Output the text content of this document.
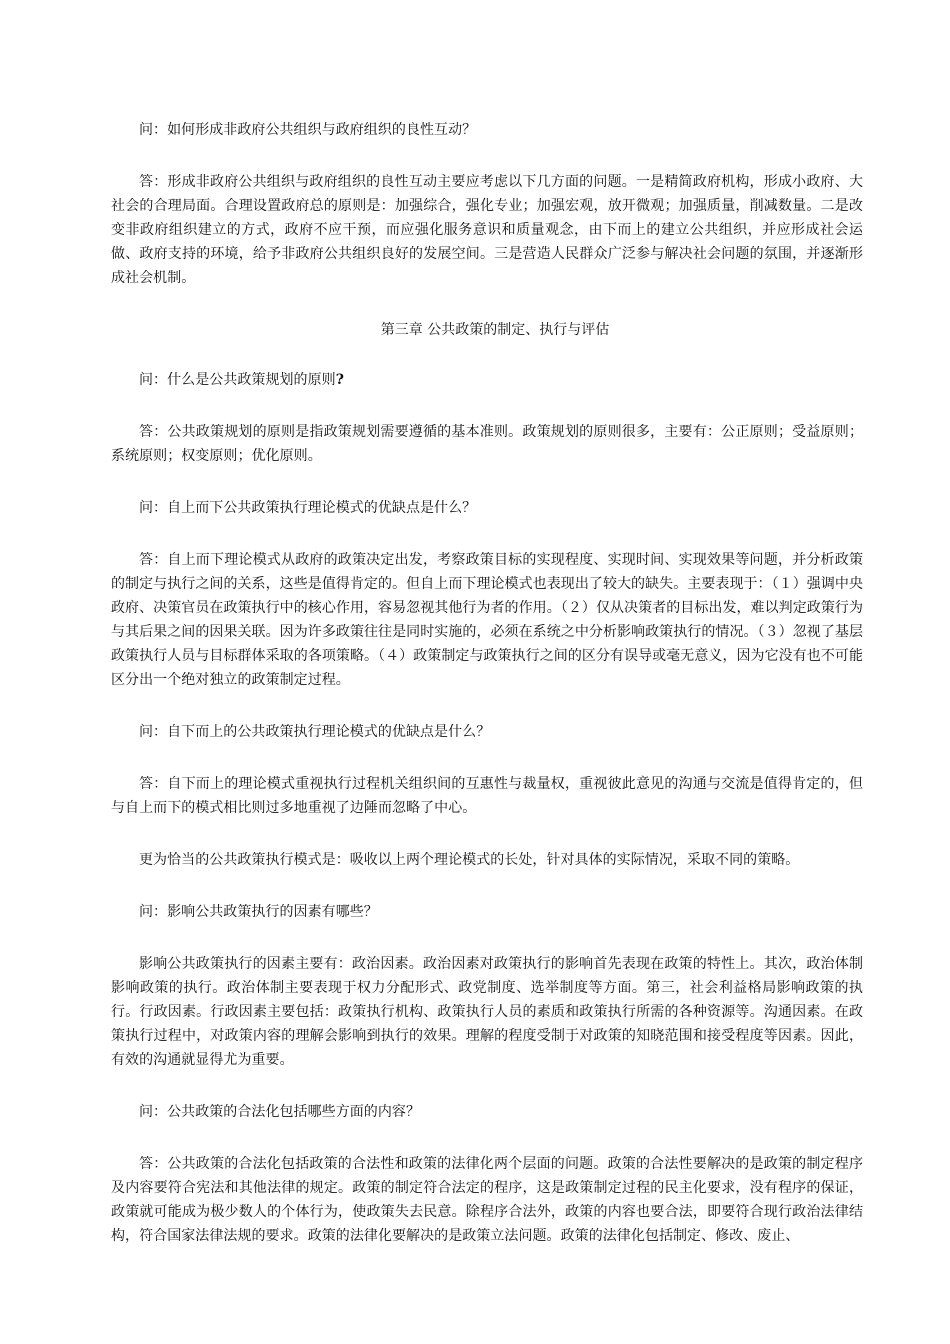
问：如何形成非政府公共组织与政府组织的良性互动？

答：形成非政府公共组织与政府组织的良性互动主要应考虑以下几方面的问题。一是精简政府机构，形成小政府、大社会的合理局面。合理设置政府总的原则是：加强综合，强化专业；加强宏观，放开微观；加强质量，削减数量。二是改变非政府组织建立的方式，政府不应干预，而应强化服务意识和质量观念，由下而上的建立公共组织，并应形成社会运做、政府支持的环境，给予非政府公共组织良好的发展空间。三是营造人民群众广泛参与解决社会问题的氛围，并逐渐形成社会机制。

第三章 公共政策的制定、执行与评估

问：什么是公共政策规划的原则?

答：公共政策规划的原则是指政策规划需要遵循的基本准则。政策规划的原则很多，主要有：公正原则；受益原则；系统原则；权变原则；优化原则。

问：自上而下公共政策执行理论模式的优缺点是什么？

答：自上而下理论模式从政府的政策决定出发，考察政策目标的实现程度、实现时间、实现效果等问题，并分析政策的制定与执行之间的关系，这些是值得肯定的。但自上而下理论模式也表现出了较大的缺失。主要表现于：（１）强调中央政府、决策官员在政策执行中的核心作用，容易忽视其他行为者的作用。（２）仅从决策者的目标出发，难以判定政策行为与其后果之间的因果关联。因为许多政策往往是同时实施的，必须在系统之中分析影响政策执行的情况。（３）忽视了基层政策执行人员与目标群体采取的各项策略。（４）政策制定与政策执行之间的区分有误导或毫无意义，因为它没有也不可能区分出一个绝对独立的政策制定过程。

问：自下而上的公共政策执行理论模式的优缺点是什么？

答：自下而上的理论模式重视执行过程机关组织间的互惠性与裁量权，重视彼此意见的沟通与交流是值得肯定的，但与自上而下的模式相比则过多地重视了边陲而忽略了中心。

更为恰当的公共政策执行模式是：吸收以上两个理论模式的长处，针对具体的实际情况，采取不同的策略。

问：影响公共政策执行的因素有哪些？

影响公共政策执行的因素主要有：政治因素。政治因素对政策执行的影响首先表现在政策的特性上。其次，政治体制影响政策的执行。政治体制主要表现于权力分配形式、政党制度、选举制度等方面。第三，社会利益格局影响政策的执行。行政因素。行政因素主要包括：政策执行机构、政策执行人员的素质和政策执行所需的各种资源等。沟通因素。在政策执行过程中，对政策内容的理解会影响到执行的效果。理解的程度受制于对政策的知晓范围和接受程度等因素。因此，有效的沟通就显得尤为重要。

问：公共政策的合法化包括哪些方面的内容？

答：公共政策的合法化包括政策的合法性和政策的法律化两个层面的问题。政策的合法性要解决的是政策的制定程序及内容要符合宪法和其他法律的规定。政策的制定符合法定的程序，这是政策制定过程的民主化要求，没有程序的保证，政策就可能成为极少数人的个体行为，使政策失去民意。除程序合法外，政策的内容也要合法，即要符合现行政治法律结构，符合国家法律法规的要求。政策的法律化要解决的是政策立法问题。政策的法律化包括制定、修改、废止、
